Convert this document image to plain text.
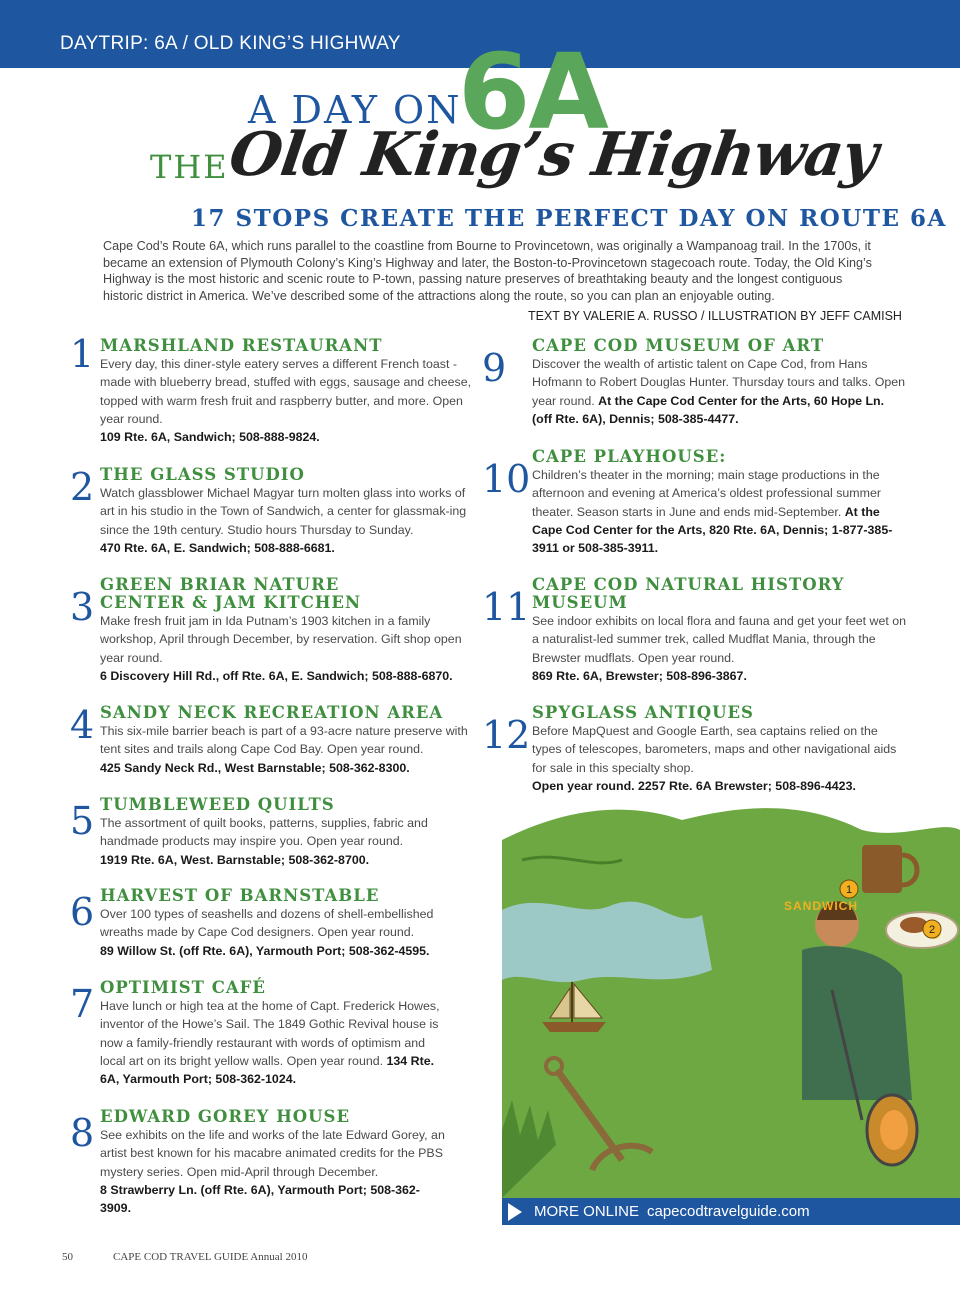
DAYTRIP: 6A / OLD KING’S HIGHWAY
A DAY ON
6A
THE
Old King’s Highway
17 STOPS CREATE THE PERFECT DAY ON ROUTE 6A
Cape Cod’s Route 6A, which runs parallel to the coastline from Bourne to Provincetown, was originally a Wampanoag trail. In the 1700s, it became an extension of Plymouth Colony’s King’s Highway and later, the Boston-to-Provincetown stagecoach route. Today, the Old King’s Highway is the most historic and scenic route to P-town, passing nature preserves of breathtaking beauty and the longest contiguous historic district in America. We’ve described some of the attractions along the route, so you can plan an enjoyable outing.
TEXT BY VALERIE A. RUSSO / ILLUSTRATION BY JEFF CAMISH
1 MARSHLAND RESTAURANT
Every day, this diner-style eatery serves a different French toast - made with blueberry bread, stuffed with eggs, sausage and cheese, topped with warm fresh fruit and raspberry butter, and more. Open year round.
109 Rte. 6A, Sandwich; 508-888-9824.
2 THE GLASS STUDIO
Watch glassblower Michael Magyar turn molten glass into works of art in his studio in the Town of Sandwich, a center for glassmak-ing since the 19th century. Studio hours Thursday to Sunday.
470 Rte. 6A, E. Sandwich; 508-888-6681.
3
GREEN BRIAR NATURE CENTER & JAM KITCHEN
Make fresh fruit jam in Ida Putnam’s 1903 kitchen in a family workshop, April through December, by reservation. Gift shop open year round.
6 Discovery Hill Rd., off Rte. 6A, E. Sandwich; 508-888-6870.
4 SANDY NECK RECREATION AREA
This six-mile barrier beach is part of a 93-acre nature preserve with tent sites and trails along Cape Cod Bay. Open year round.
425 Sandy Neck Rd., West Barnstable; 508-362-8300.
5 TUMBLEWEED QUILTS
The assortment of quilt books, patterns, supplies, fabric and handmade products may inspire you. Open year round.
1919 Rte. 6A, West. Barnstable; 508-362-8700.
6 HARVEST OF BARNSTABLE
Over 100 types of seashells and dozens of shell-embellished wreaths made by Cape Cod designers. Open year round.
89 Willow St. (off Rte. 6A), Yarmouth Port; 508-362-4595.
7 OPTIMIST CAFÉ
Have lunch or high tea at the home of Capt. Frederick Howes, inventor of the Howe’s Sail. The 1849 Gothic Revival house is now a family-friendly restaurant with words of optimism and local art on its bright yellow walls. Open year round. 134 Rte. 6A, Yarmouth Port; 508-362-1024.
8 EDWARD GOREY HOUSE
See exhibits on the life and works of the late Edward Gorey, an artist best known for his macabre animated credits for the PBS mystery series. Open mid-April through December.
8 Strawberry Ln. (off Rte. 6A), Yarmouth Port; 508-362-3909.
9
CAPE COD MUSEUM OF ART
Discover the wealth of artistic talent on Cape Cod, from Hans Hofmann to Robert Douglas Hunter. Thursday tours and talks. Open year round. At the Cape Cod Center for the Arts, 60 Hope Ln. (off Rte. 6A), Dennis; 508-385-4477.
10
CAPE PLAYHOUSE:
Children’s theater in the morning; main stage productions in the afternoon and evening at America’s oldest professional summer theater. Season starts in June and ends mid-September. At the Cape Cod Center for the Arts, 820 Rte. 6A, Dennis; 1-877-385-3911 or 508-385-3911.
11
CAPE COD NATURAL HISTORY MUSEUM
See indoor exhibits on local flora and fauna and get your feet wet on a naturalist-led summer trek, called Mudflat Mania, through the Brewster mudflats. Open year round.
869 Rte. 6A, Brewster; 508-896-3867.
12
SPYGLASS ANTIQUES
Before MapQuest and Google Earth, sea captains relied on the types of telescopes, barometers, maps and other navigational aids for sale in this specialty shop.
Open year round. 2257 Rte. 6A Brewster; 508-896-4423.
SANDWICH
1
2
MORE ONLINE capecodtravelguide.com
50	CAPE COD TRAVEL GUIDE Annual 2010
